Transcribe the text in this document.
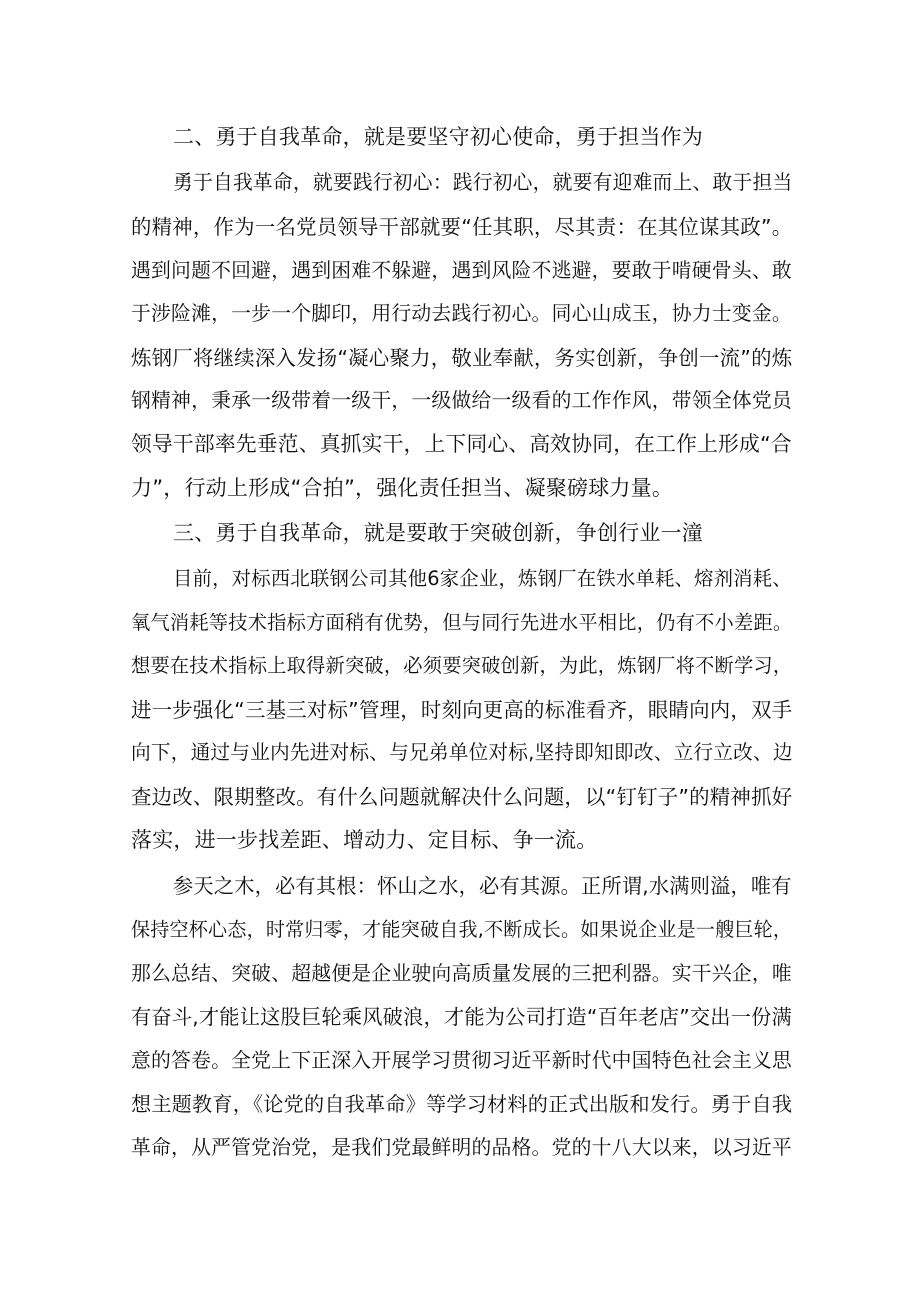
二、勇于自我革命，就是要坚守初心使命，勇于担当作为
勇于自我革命，就要践行初心：践行初心，就要有迎难而上、敢于担当
的精神，作为一名党员领导干部就要“任其职，尽其责：在其位谋其政”。
遇到问题不回避，遇到困难不躲避，遇到风险不逃避，要敢于啃硬骨头、敢
于涉险滩，一步一个脚印，用行动去践行初心。同心山成玉，协力士变金。
炼钢厂将继续深入发扬“凝心聚力，敬业奉献，务实创新，争创一流”的炼
钢精神，秉承一级带着一级干，一级做给一级看的工作作风，带领全体党员
领导干部率先垂范、真抓实干，上下同心、高效协同，在工作上形成“合
力”，行动上形成“合拍”，强化责任担当、凝聚磅球力量。
三、勇于自我革命，就是要敢于突破创新，争创行业一潼
目前，对标西北联钢公司其他6家企业，炼钢厂在铁水单耗、熔剂消耗、
氧气消耗等技术指标方面稍有优势，但与同行先进水平相比，仍有不小差距。
想要在技术指标上取得新突破，必须要突破创新，为此，炼钢厂将不断学习，
进一步强化“三基三对标”管理，时刻向更高的标准看齐，眼睛向内，双手
向下，通过与业内先进对标、与兄弟单位对标,坚持即知即改、立行立改、边
查边改、限期整改。有什么问题就解决什么问题，以“钉钉子”的精神抓好
落实，进一步找差距、增动力、定目标、争一流。
参天之木，必有其根：怀山之水，必有其源。正所谓,水满则溢，唯有
保持空杯心态，时常归零，才能突破自我,不断成长。如果说企业是一艘巨轮，
那么总结、突破、超越便是企业驶向高质量发展的三把利器。实干兴企，唯
有奋斗,才能让这股巨轮乘风破浪，才能为公司打造“百年老店”交出一份满
意的答卷。全党上下正深入开展学习贯彻习近平新时代中国特色社会主义思
想主题教育，《论党的自我革命》等学习材料的正式出版和发行。勇于自我
革命，从严管党治党，是我们党最鲜明的品格。党的十八大以来，以习近平
